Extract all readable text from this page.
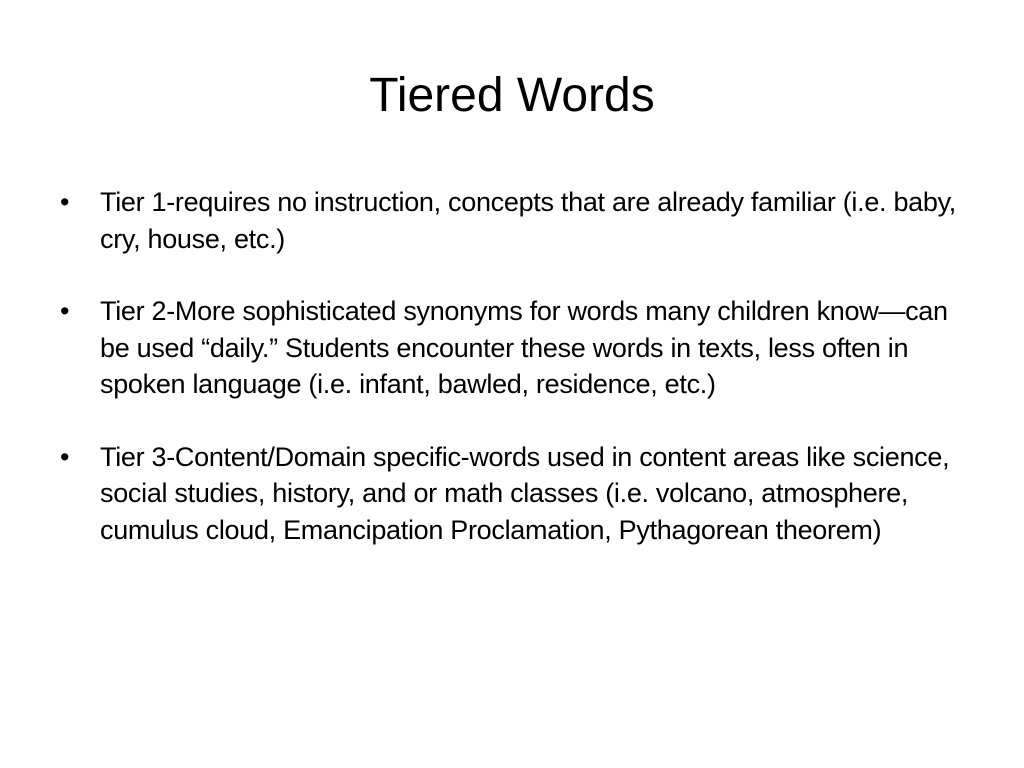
Tiered Words
• Tier 1-requires no instruction, concepts that are already familiar (i.e. baby, cry, house, etc.)
• Tier 2-More sophisticated synonyms for words many children know—can be used “daily.” Students encounter these words in texts, less often in spoken language (i.e. infant, bawled, residence, etc.)
• Tier 3-Content/Domain specific-words used in content areas like science, social studies, history, and or math classes (i.e. volcano, atmosphere, cumulus cloud, Emancipation Proclamation, Pythagorean theorem)
